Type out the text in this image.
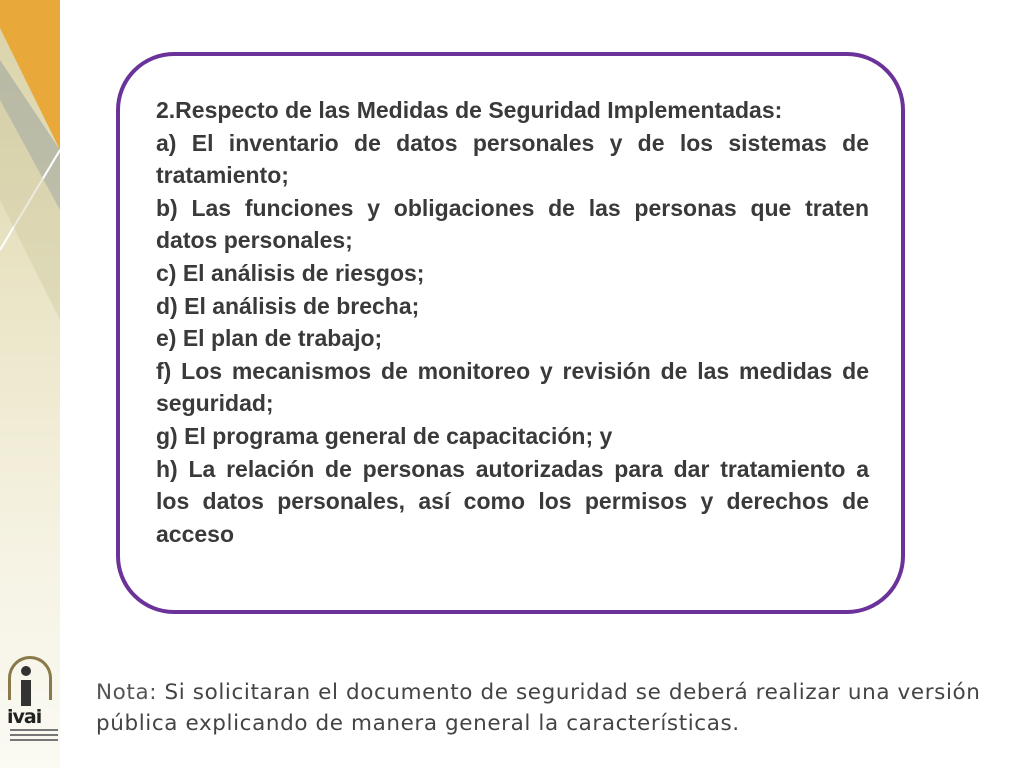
2.Respecto de las Medidas de Seguridad Implementadas:

a) El inventario de datos personales y de los sistemas de tratamiento;

b) Las funciones y obligaciones de las personas que traten datos personales;

c) El análisis de riesgos;

d) El análisis de brecha;

e) El plan de trabajo;

f) Los mecanismos de monitoreo y revisión de las medidas de seguridad;

g) El programa general de capacitación; y

h) La relación de personas autorizadas para dar tratamiento a los datos personales, así como los permisos y derechos de acceso

ivai
Nota: Si solicitaran el documento de seguridad se deberá realizar una versión pública explicando de manera general la características.
